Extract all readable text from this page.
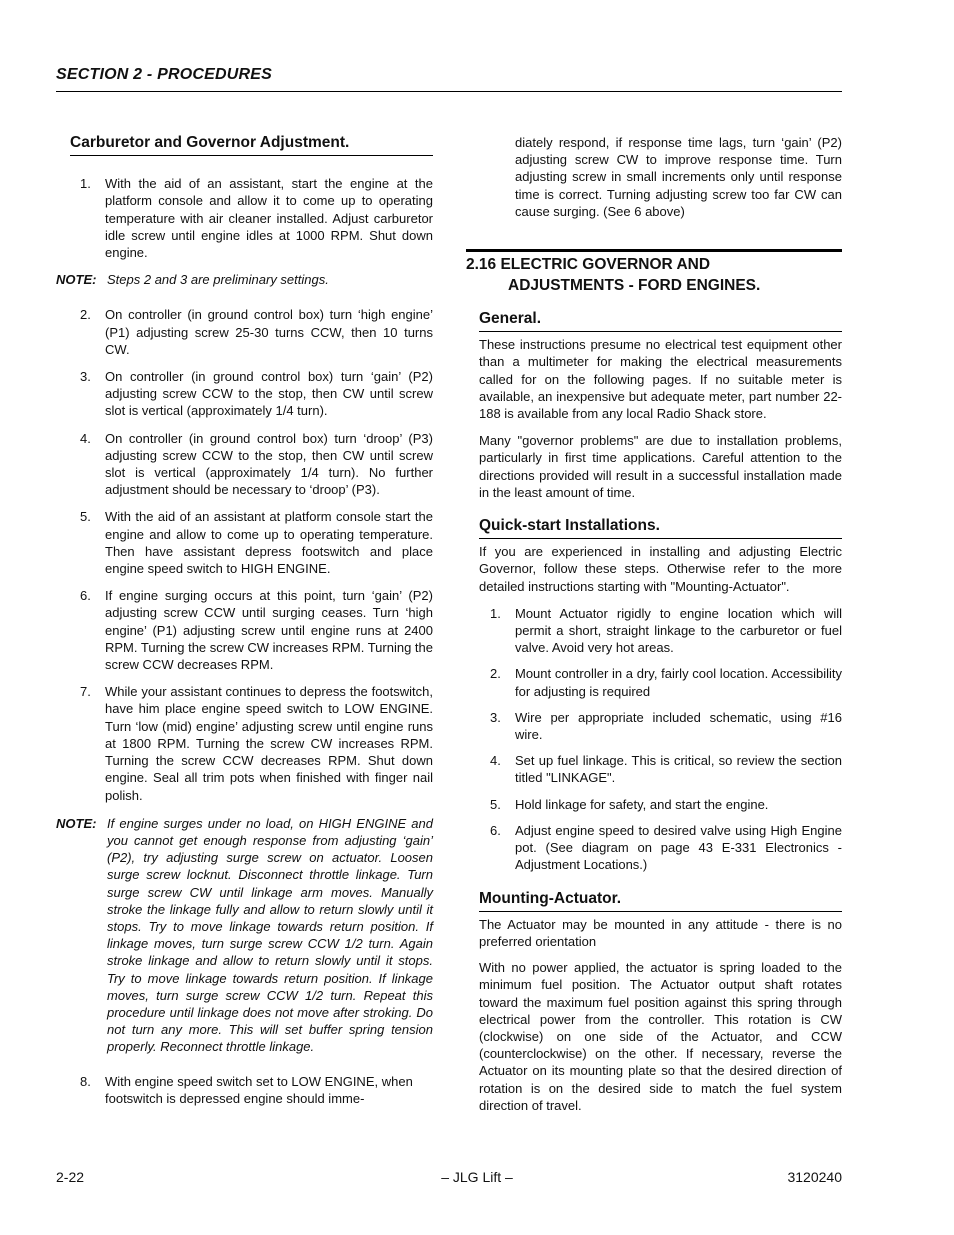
SECTION 2 - PROCEDURES
Carburetor and Governor Adjustment.
1.	With the aid of an assistant, start the engine at the platform console and allow it to come up to operating temperature with air cleaner installed. Adjust carburetor idle screw until engine idles at 1000 RPM. Shut down engine.
NOTE: Steps 2 and 3 are preliminary settings.
2.	On controller (in ground control box) turn ‘high engine’ (P1) adjusting screw 25-30 turns CCW, then 10 turns CW.
3.	On controller (in ground control box) turn ‘gain’ (P2) adjusting screw CCW to the stop, then CW until screw slot is vertical (approximately 1/4 turn).
4.	On controller (in ground control box) turn ‘droop’ (P3) adjusting screw CCW to the stop, then CW until screw slot is vertical (approximately 1/4 turn). No further adjustment should be necessary to ‘droop’ (P3).
5.	With the aid of an assistant at platform console start the engine and allow to come up to operating temperature. Then have assistant depress footswitch and place engine speed switch to HIGH ENGINE.
6.	If engine surging occurs at this point, turn ‘gain’ (P2) adjusting screw CCW until surging ceases. Turn ‘high engine’ (P1) adjusting screw until engine runs at 2400 RPM. Turning the screw CW increases RPM. Turning the screw CCW decreases RPM.
7.	While your assistant continues to depress the footswitch, have him place engine speed switch to LOW ENGINE. Turn ‘low (mid) engine’ adjusting screw until engine runs at 1800 RPM. Turning the screw CW increases RPM. Turning the screw CCW decreases RPM. Shut down engine. Seal all trim pots when finished with finger nail polish.
NOTE: If engine surges under no load, on HIGH ENGINE and you cannot get enough response from adjusting ‘gain’ (P2), try adjusting surge screw on actuator. Loosen surge screw locknut. Disconnect throttle linkage. Turn surge screw CW until linkage arm moves. Manually stroke the linkage fully and allow to return slowly until it stops. Try to move linkage towards return position. If linkage moves, turn surge screw CCW 1/2 turn. Again stroke linkage and allow to return slowly until it stops. Try to move linkage towards return position. If linkage moves, turn surge screw CCW 1/2 turn. Repeat this procedure until linkage does not move after stroking. Do not turn any more. This will set buffer spring tension properly. Reconnect throttle linkage.
8.	With engine speed switch set to LOW ENGINE, when footswitch is depressed engine should imme-

diately respond, if response time lags, turn ‘gain’ (P2) adjusting screw CW to improve response time. Turn adjusting screw in small increments only until response time is correct. Turning adjusting screw too far CW can cause surging. (See 6 above)

2.16 ELECTRIC GOVERNOR AND
ADJUSTMENTS - FORD ENGINES.
General.

These instructions presume no electrical test equipment other than a multimeter for making the electrical measurements called for on the following pages. If no suitable meter is available, an inexpensive but adequate meter, part number 22-188 is available from any local Radio Shack store.

Many "governor problems" are due to installation problems, particularly in first time applications. Careful attention to the directions provided will result in a successful installation made in the least amount of time.

Quick-start Installations.

If you are experienced in installing and adjusting Electric Governor, follow these steps. Otherwise refer to the more detailed instructions starting with "Mounting-Actuator".

1.	Mount Actuator rigidly to engine location which will permit a short, straight linkage to the carburetor or fuel valve. Avoid very hot areas.
2.	Mount controller in a dry, fairly cool location. Accessibility for adjusting is required
3.	Wire per appropriate included schematic, using #16 wire.
4.	Set up fuel linkage. This is critical, so review the section titled "LINKAGE".
5.	Hold linkage for safety, and start the engine.
6.	Adjust engine speed to desired valve using High Engine pot. (See diagram on page 43 E-331 Electronics - Adjustment Locations.)
Mounting-Actuator.

The Actuator may be mounted in any attitude - there is no preferred orientation

With no power applied, the actuator is spring loaded to the minimum fuel position. The Actuator output shaft rotates toward the maximum fuel position against this spring through electrical power from the controller. This rotation is CW (clockwise) on one side of the Actuator, and CCW (counterclockwise) on the other. If necessary, reverse the Actuator on its mounting plate so that the desired direction of rotation is on the desired side to match the fuel system direction of travel.

2-22	– JLG Lift –	3120240
